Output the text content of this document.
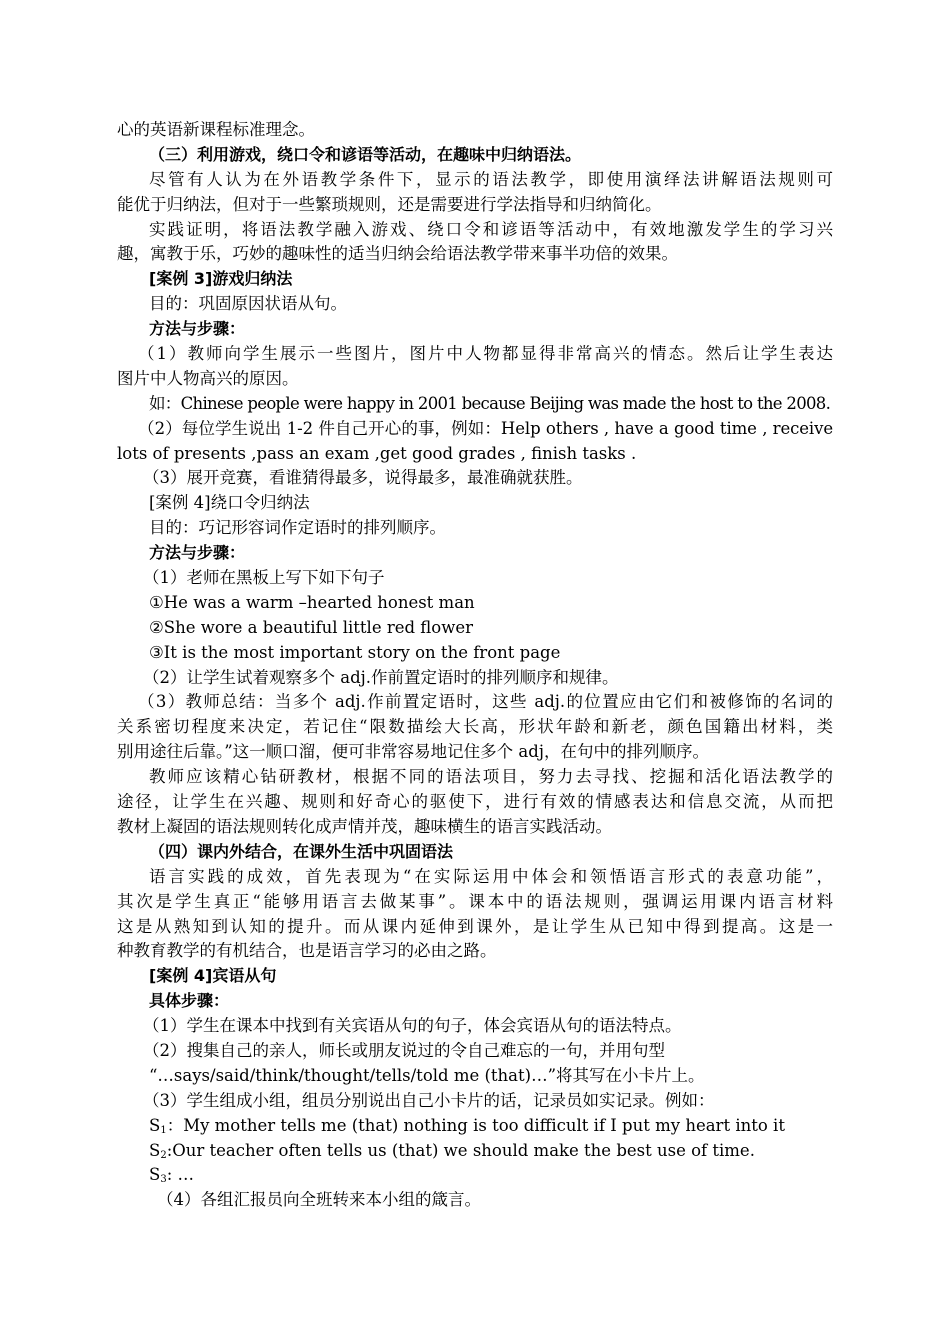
心的英语新课程标准理念。
（三）利用游戏，绕口令和谚语等活动，在趣味中归纳语法。
尽管有人认为在外语教学条件下，显示的语法教学，即使用演绎法讲解语法规则可
能优于归纳法，但对于一些繁琐规则，还是需要进行学法指导和归纳简化。
实践证明，将语法教学融入游戏、绕口令和谚语等活动中，有效地激发学生的学习兴
趣，寓教于乐，巧妙的趣味性的适当归纳会给语法教学带来事半功倍的效果。
[案例 3]游戏归纳法
目的：巩固原因状语从句。
方法与步骤：
（1）教师向学生展示一些图片，图片中人物都显得非常高兴的情态。然后让学生表达
图片中人物高兴的原因。
如：Chinese people were happy in 2001 because Beijing was made the host to the 2008.
（2）每位学生说出 1-2 件自己开心的事，例如：Help others , have a good time , receive
lots of presents ,pass an exam ,get good grades , finish tasks .
（3）展开竞赛，看谁猜得最多，说得最多，最准确就获胜。
[案例 4]绕口令归纳法
目的：巧记形容词作定语时的排列顺序。
方法与步骤：
（1）老师在黑板上写下如下句子
①He was a warm –hearted honest man
②She wore a beautiful little red flower
③It is the most important story on the front page
（2）让学生试着观察多个 adj.作前置定语时的排列顺序和规律。
（3）教师总结：当多个 adj.作前置定语时，这些 adj.的位置应由它们和被修饰的名词的
关系密切程度来决定，若记住“限数描绘大长高，形状年龄和新老，颜色国籍出材料，类
别用途往后靠。”这一顺口溜，便可非常容易地记住多个 adj，在句中的排列顺序。
教师应该精心钻研教材，根据不同的语法项目，努力去寻找、挖掘和活化语法教学的
途径，让学生在兴趣、规则和好奇心的驱使下，进行有效的情感表达和信息交流，从而把
教材上凝固的语法规则转化成声情并茂，趣味横生的语言实践活动。
（四）课内外结合，在课外生活中巩固语法
语言实践的成效，首先表现为“在实际运用中体会和领悟语言形式的表意功能”，
其次是学生真正“能够用语言去做某事”。课本中的语法规则，强调运用课内语言材料
这是从熟知到认知的提升。而从课内延伸到课外，是让学生从已知中得到提高。这是一
种教育教学的有机结合，也是语言学习的必由之路。
[案例 4]宾语从句
具体步骤：
（1）学生在课本中找到有关宾语从句的句子，体会宾语从句的语法特点。
（2）搜集自己的亲人，师长或朋友说过的令自己难忘的一句，并用句型
“…says/said/think/thought/tells/told me (that)…”将其写在小卡片上。
（3）学生组成小组，组员分别说出自己小卡片的话，记录员如实记录。例如：
$S_1$：My mother tells me (that) nothing is too difficult if I put my heart into it
$S_2:Our$ teacher often tells us (that) we should make the best use of time.
$S_3$: …
（4）各组汇报员向全班转来本小组的箴言。
